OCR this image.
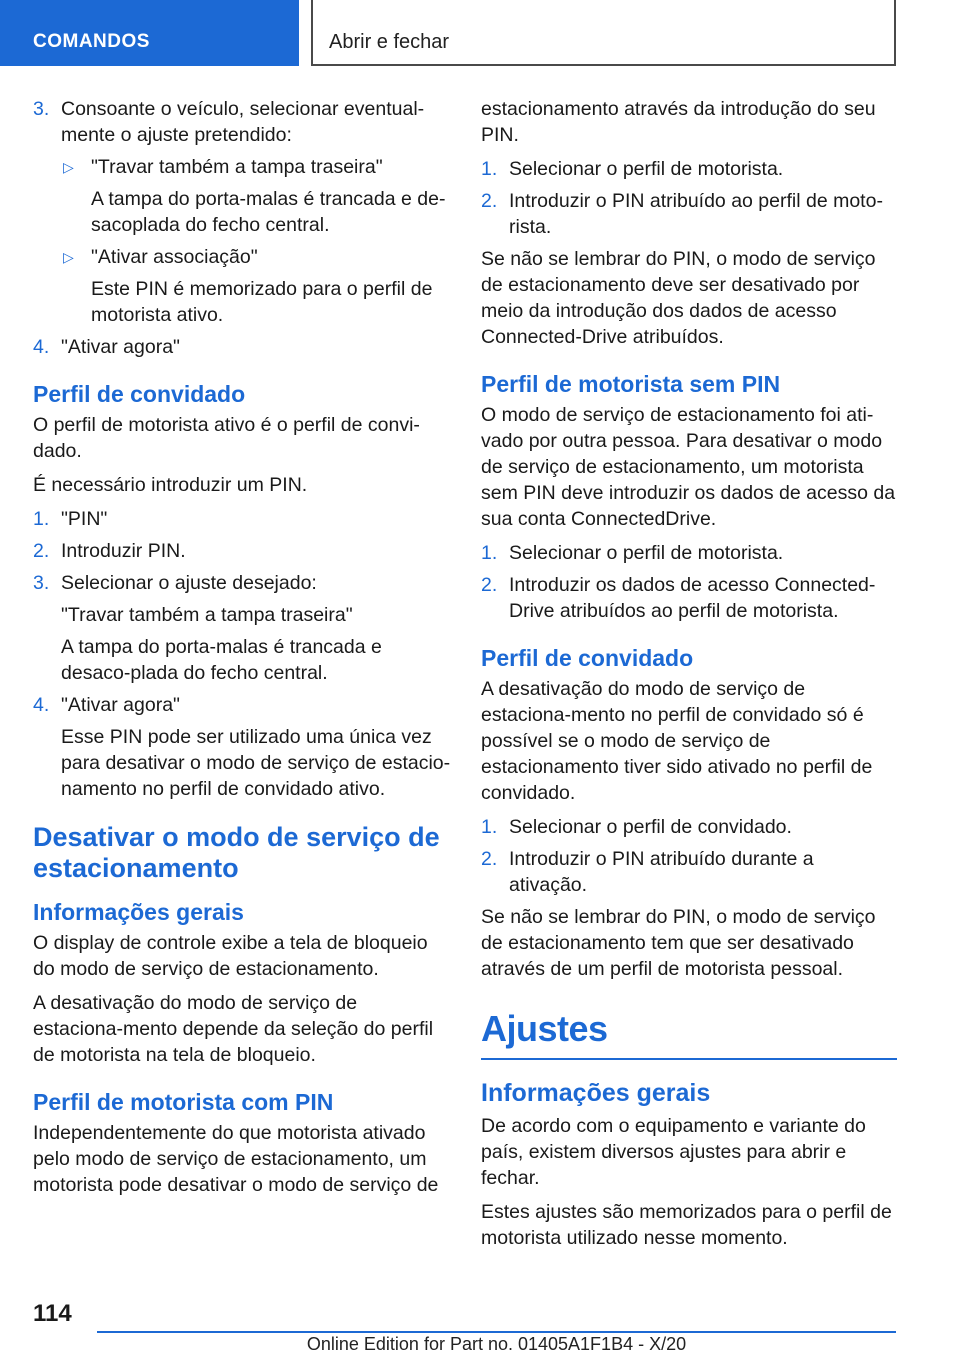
COMANDOS	Abrir e fechar
3. Consoante o veículo, selecionar eventual-mente o ajuste pretendido:
▷ "Travar também a tampa traseira"
A tampa do porta-malas é trancada e de-sacoplada do fecho central.
▷ "Ativar associação"
Este PIN é memorizado para o perfil de motorista ativo.
4. "Ativar agora"
Perfil de convidado
O perfil de motorista ativo é o perfil de convi-dado.
É necessário introduzir um PIN.
1. "PIN"
2. Introduzir PIN.
3. Selecionar o ajuste desejado:
"Travar também a tampa traseira"
A tampa do porta-malas é trancada e desaco-plada do fecho central.
4. "Ativar agora"
Esse PIN pode ser utilizado uma única vez para desativar o modo de serviço de estacio-namento no perfil de convidado ativo.
Desativar o modo de serviço de estacionamento
Informações gerais
O display de controle exibe a tela de bloqueio do modo de serviço de estacionamento.
A desativação do modo de serviço de estaciona-mento depende da seleção do perfil de motorista na tela de bloqueio.
Perfil de motorista com PIN
Independentemente do que motorista ativado pelo modo de serviço de estacionamento, um motorista pode desativar o modo de serviço de
estacionamento através da introdução do seu PIN.
1. Selecionar o perfil de motorista.
2. Introduzir o PIN atribuído ao perfil de moto-rista.
Se não se lembrar do PIN, o modo de serviço de estacionamento deve ser desativado por meio da introdução dos dados de acesso Connected-Drive atribuídos.
Perfil de motorista sem PIN
O modo de serviço de estacionamento foi ati-vado por outra pessoa. Para desativar o modo de serviço de estacionamento, um motorista sem PIN deve introduzir os dados de acesso da sua conta ConnectedDrive.
1. Selecionar o perfil de motorista.
2. Introduzir os dados de acesso Connected-Drive atribuídos ao perfil de motorista.
Perfil de convidado
A desativação do modo de serviço de estaciona-mento no perfil de convidado só é possível se o modo de serviço de estacionamento tiver sido ativado no perfil de convidado.
1. Selecionar o perfil de convidado.
2. Introduzir o PIN atribuído durante a ativação.
Se não se lembrar do PIN, o modo de serviço de estacionamento tem que ser desativado através de um perfil de motorista pessoal.
Ajustes
Informações gerais
De acordo com o equipamento e variante do país, existem diversos ajustes para abrir e fechar.
Estes ajustes são memorizados para o perfil de motorista utilizado nesse momento.
114
Online Edition for Part no. 01405A1F1B4 - X/20
